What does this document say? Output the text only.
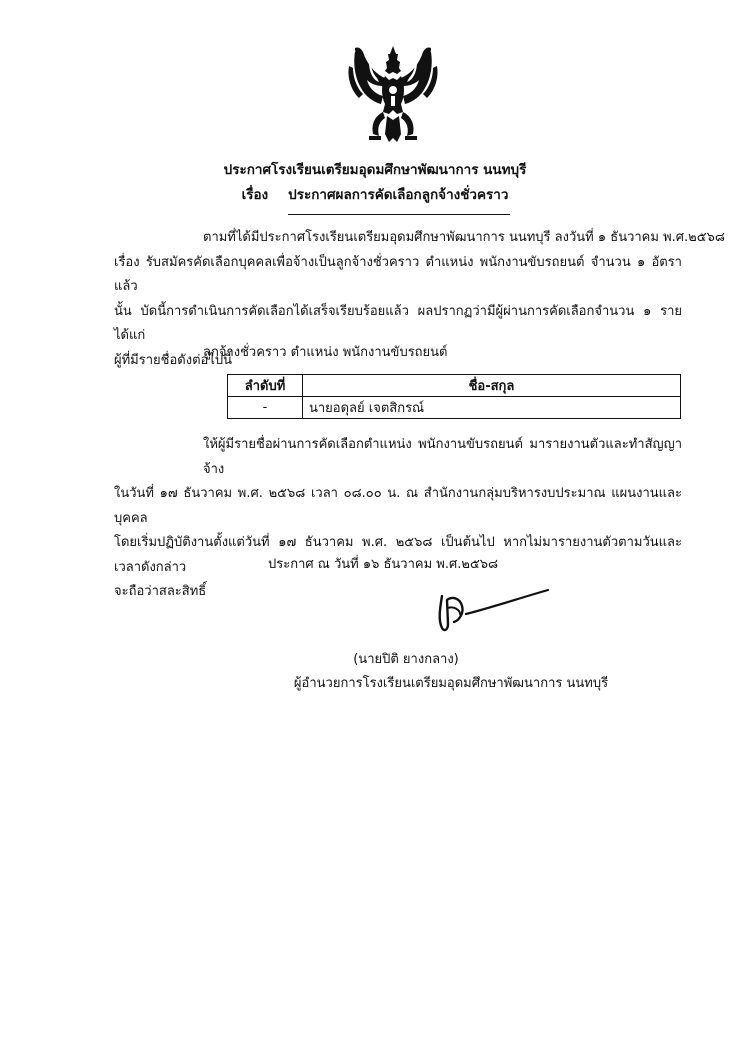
ประกาศโรงเรียนเตรียมอุดมศึกษาพัฒนาการ นนทบุรี
เรื่อง ประกาศผลการคัดเลือกลูกจ้างชั่วคราว
ตามที่ได้มีประกาศโรงเรียนเตรียมอุดมศึกษาพัฒนาการ นนทบุรี ลงวันที่ ๑ ธันวาคม พ.ศ.๒๕๖๘
เรื่อง รับสมัครคัดเลือกบุคคลเพื่อจ้างเป็นลูกจ้างชั่วคราว ตำแหน่ง พนักงานขับรถยนต์ จำนวน ๑ อัตรา แล้ว
นั้น บัดนี้การดำเนินการคัดเลือกได้เสร็จเรียบร้อยแล้ว ผลปรากฏว่ามีผู้ผ่านการคัดเลือกจำนวน ๑ ราย ได้แก่
ผู้ที่มีรายชื่อดังต่อไปนี้
ลูกจ้างชั่วคราว ตำแหน่ง พนักงานขับรถยนต์
ลำดับที่	ชื่อ-สกุล
-	นายอดุลย์ เจตสิกรณ์
ให้ผู้มีรายชื่อผ่านการคัดเลือกตำแหน่ง พนักงานขับรถยนต์ มารายงานตัวและทำสัญญาจ้าง
ในวันที่ ๑๗ ธันวาคม พ.ศ. ๒๕๖๘ เวลา ๐๘.๐๐ น. ณ สำนักงานกลุ่มบริหารงบประมาณ แผนงานและบุคคล
โดยเริ่มปฏิบัติงานตั้งแต่วันที่ ๑๗ ธันวาคม พ.ศ. ๒๕๖๘ เป็นต้นไป หากไม่มารายงานตัวตามวันและเวลาดังกล่าว
จะถือว่าสละสิทธิ์
ประกาศ ณ วันที่ ๑๖ ธันวาคม พ.ศ.๒๕๖๘
(นายปิติ ยางกลาง)
ผู้อำนวยการโรงเรียนเตรียมอุดมศึกษาพัฒนาการ นนทบุรี
